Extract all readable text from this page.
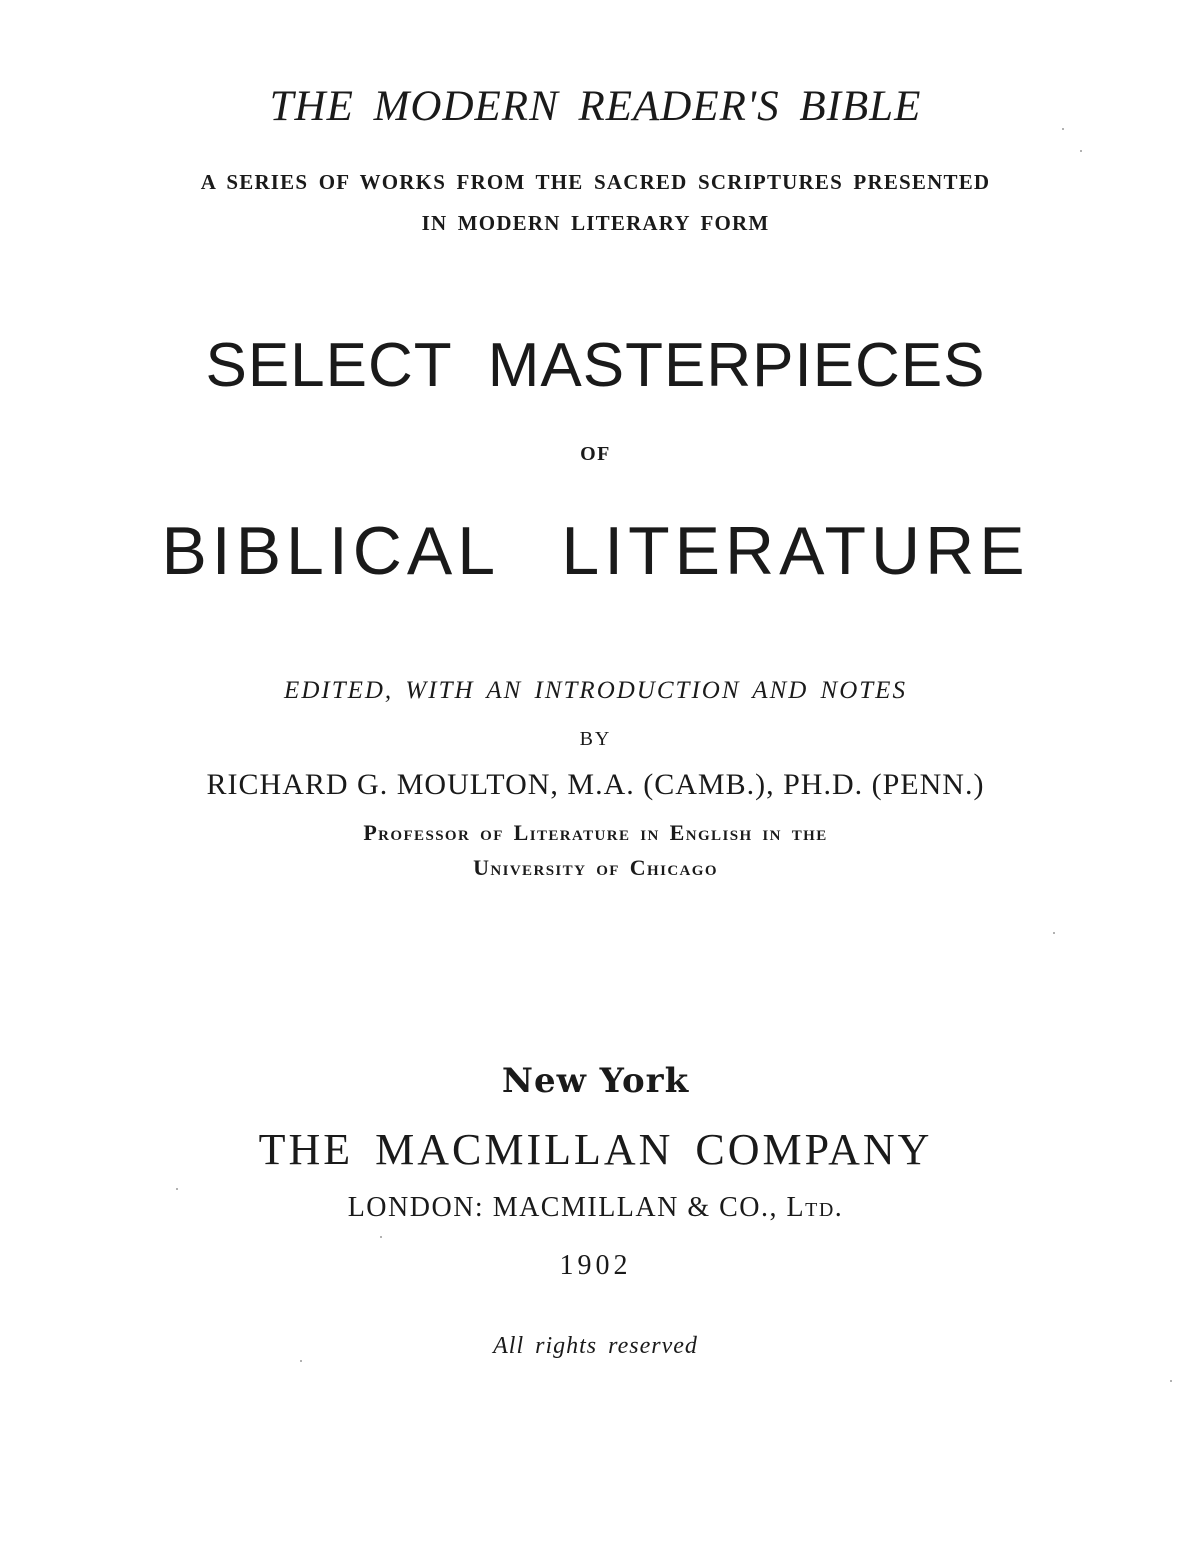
THE MODERN READER'S BIBLE

A SERIES OF WORKS FROM THE SACRED SCRIPTURES PRESENTED

IN MODERN LITERARY FORM

SELECT MASTERPIECES

OF

BIBLICAL LITERATURE

EDITED, WITH AN INTRODUCTION AND NOTES

BY

RICHARD G. MOULTON, M.A. (CAMB.), PH.D. (PENN.)

Professor of Literature in English in the

University of Chicago

New York

THE MACMILLAN COMPANY

LONDON: MACMILLAN & CO., Ltd.

1902

All rights reserved
